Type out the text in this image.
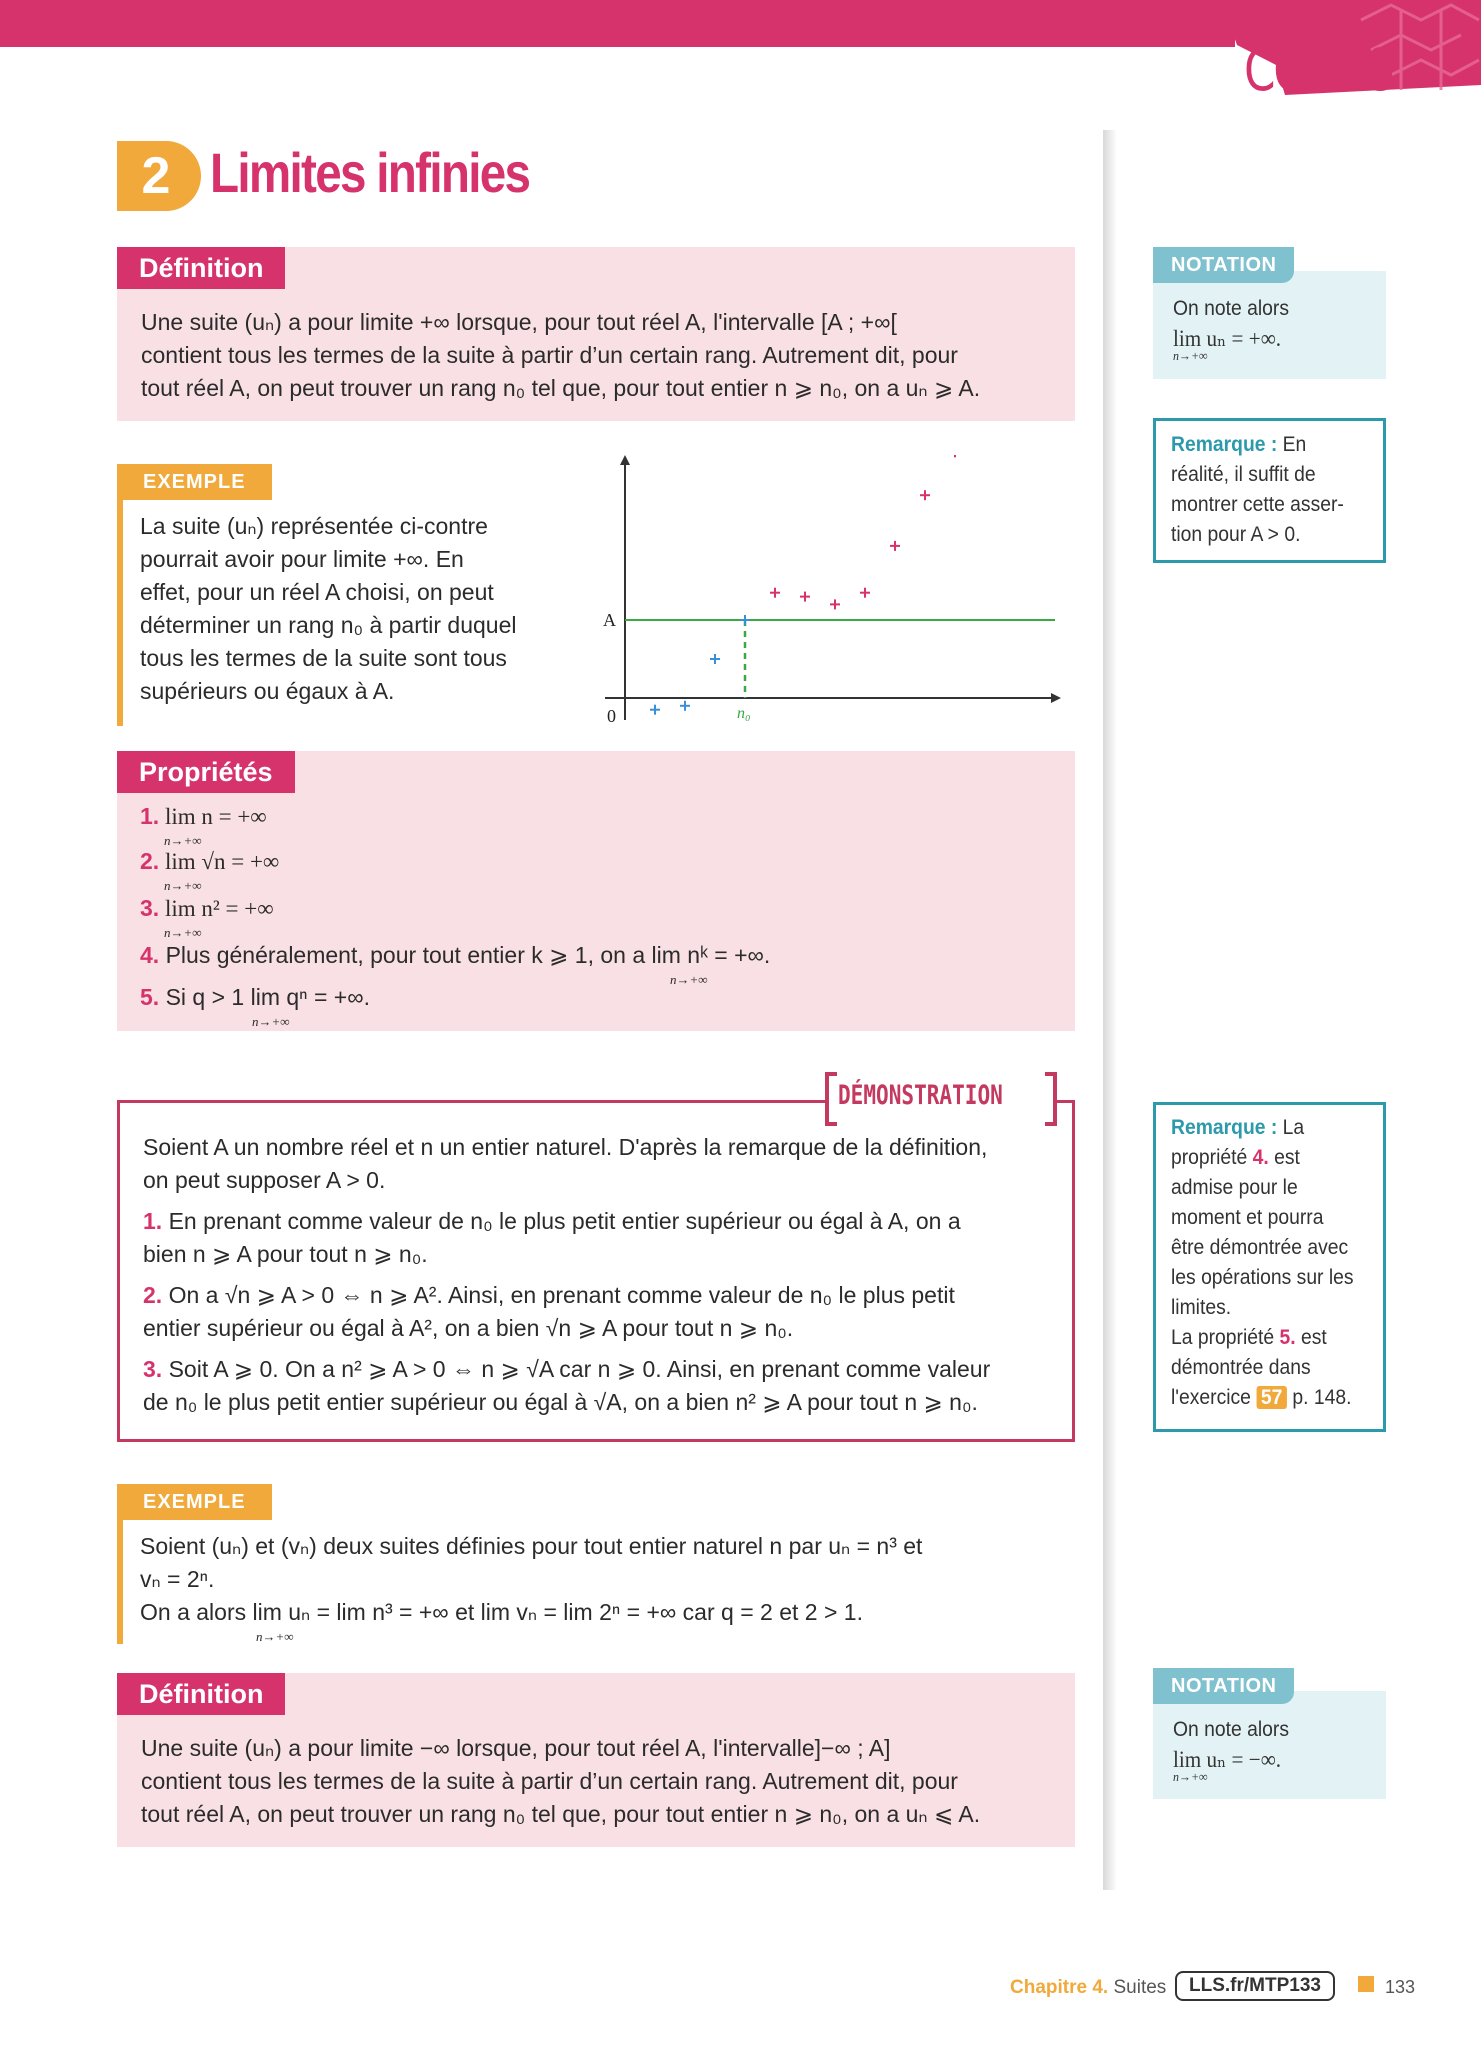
COURS
2 Limites infinies
Définition
Une suite (uₙ) a pour limite +∞ lorsque, pour tout réel A, l'intervalle [A ; +∞[
contient tous les termes de la suite à partir d’un certain rang. Autrement dit, pour
tout réel A, on peut trouver un rang n₀ tel que, pour tout entier n ⩾ n₀, on a uₙ ⩾ A.
EXEMPLE
La suite (uₙ) représentée ci-contre
pourrait avoir pour limite +∞. En
effet, pour un réel A choisi, on peut
déterminer un rang n₀ à partir duquel
tous les termes de la suite sont tous
supérieurs ou égaux à A.
0
A
n₀
Propriétés
1. lim n = +∞
n→+∞
2. lim √n = +∞
n→+∞
3. lim n² = +∞
n→+∞
4. Plus généralement, pour tout entier k ⩾ 1, on a lim nᵏ = +∞.
n→+∞
5. Si q > 1 lim qⁿ = +∞.
n→+∞
DÉMONSTRATION
Soient A un nombre réel et n un entier naturel. D'après la remarque de la définition,
on peut supposer A > 0.
1. En prenant comme valeur de n₀ le plus petit entier supérieur ou égal à A, on a
bien n ⩾ A pour tout n ⩾ n₀.
2. On a √n ⩾ A > 0 ⇔ n ⩾ A². Ainsi, en prenant comme valeur de n₀ le plus petit
entier supérieur ou égal à A², on a bien √n ⩾ A pour tout n ⩾ n₀.
3. Soit A ⩾ 0. On a n² ⩾ A > 0 ⇔ n ⩾ √A car n ⩾ 0. Ainsi, en prenant comme valeur
de n₀ le plus petit entier supérieur ou égal à √A, on a bien n² ⩾ A pour tout n ⩾ n₀.
EXEMPLE
Soient (uₙ) et (vₙ) deux suites définies pour tout entier naturel n par uₙ = n³ et
vₙ = 2ⁿ.
On a alors lim uₙ = lim n³ = +∞ et lim vₙ = lim 2ⁿ = +∞ car q = 2 et 2 > 1.
n→+∞
Définition
Une suite (uₙ) a pour limite −∞ lorsque, pour tout réel A, l'intervalle]−∞ ; A]
contient tous les termes de la suite à partir d’un certain rang. Autrement dit, pour
tout réel A, on peut trouver un rang n₀ tel que, pour tout entier n ⩾ n₀, on a uₙ ⩽ A.
NOTATION
On note alors
lim uₙ = +∞.
n→+∞
Remarque : En
réalité, il suffit de
montrer cette asser-
tion pour A > 0.
Remarque : La
propriété 4. est
admise pour le
moment et pourra
être démontrée avec
les opérations sur les
limites.
La propriété 5. est
démontrée dans
l'exercice 57 p. 148.
NOTATION
On note alors
lim uₙ = −∞.
n→+∞
Chapitre 4. Suites	LLS.fr/MTP133	133
